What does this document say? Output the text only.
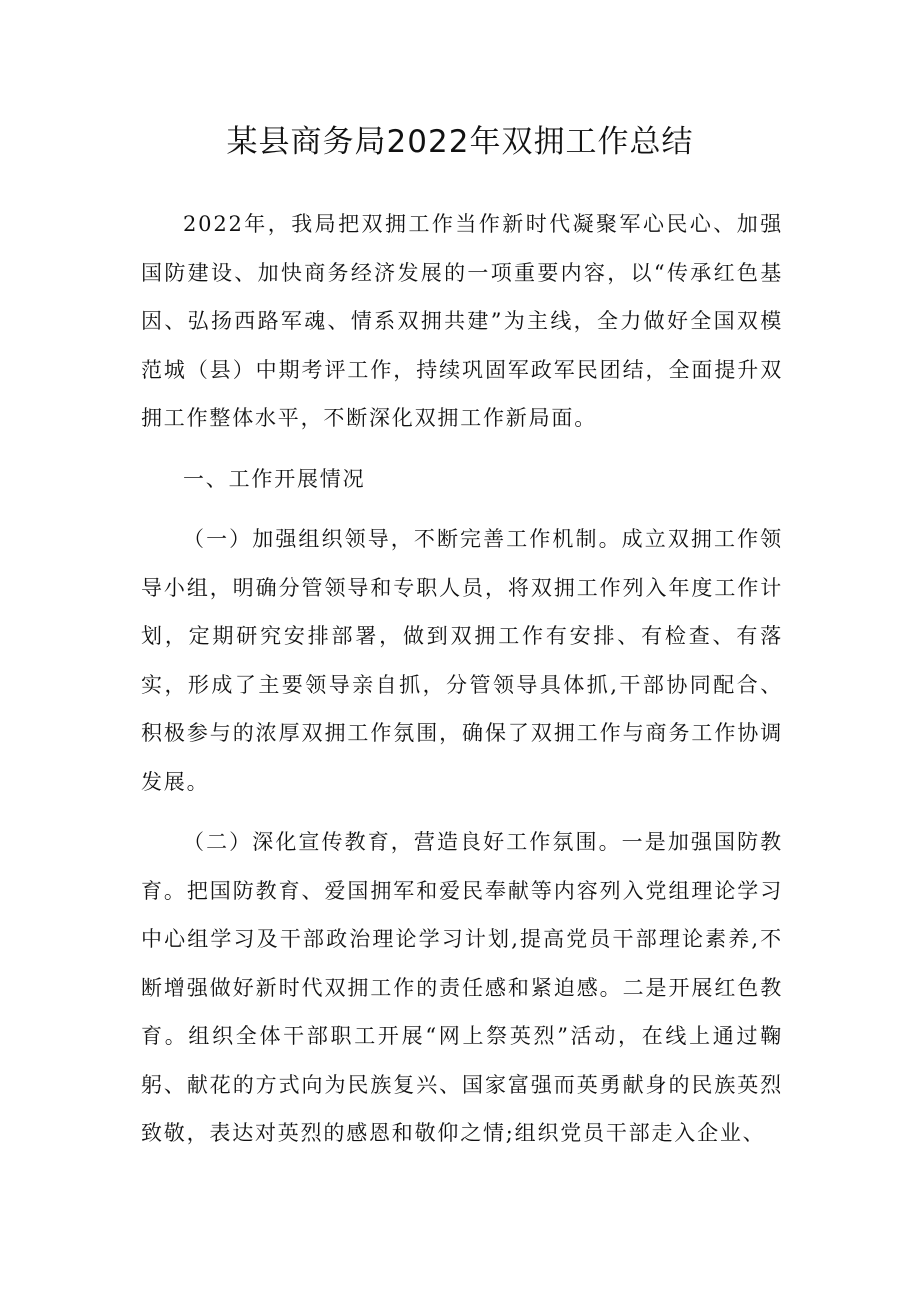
某县商务局2022年双拥工作总结

2022年，我局把双拥工作当作新时代凝聚军心民心、加强国防建设、加快商务经济发展的一项重要内容，以“传承红色基因、弘扬西路军魂、情系双拥共建”为主线，全力做好全国双模范城（县）中期考评工作，持续巩固军政军民团结，全面提升双拥工作整体水平，不断深化双拥工作新局面。

一、工作开展情况

（一）加强组织领导，不断完善工作机制。成立双拥工作领导小组，明确分管领导和专职人员，将双拥工作列入年度工作计划，定期研究安排部署，做到双拥工作有安排、有检查、有落实，形成了主要领导亲自抓，分管领导具体抓,干部协同配合、积极参与的浓厚双拥工作氛围，确保了双拥工作与商务工作协调发展。

（二）深化宣传教育，营造良好工作氛围。一是加强国防教育。把国防教育、爱国拥军和爱民奉献等内容列入党组理论学习中心组学习及干部政治理论学习计划,提高党员干部理论素养,不断增强做好新时代双拥工作的责任感和紧迫感。二是开展红色教育。组织全体干部职工开展“网上祭英烈”活动，在线上通过鞠躬、献花的方式向为民族复兴、国家富强而英勇献身的民族英烈致敬，表达对英烈的感恩和敬仰之情;组织党员干部走入企业、
